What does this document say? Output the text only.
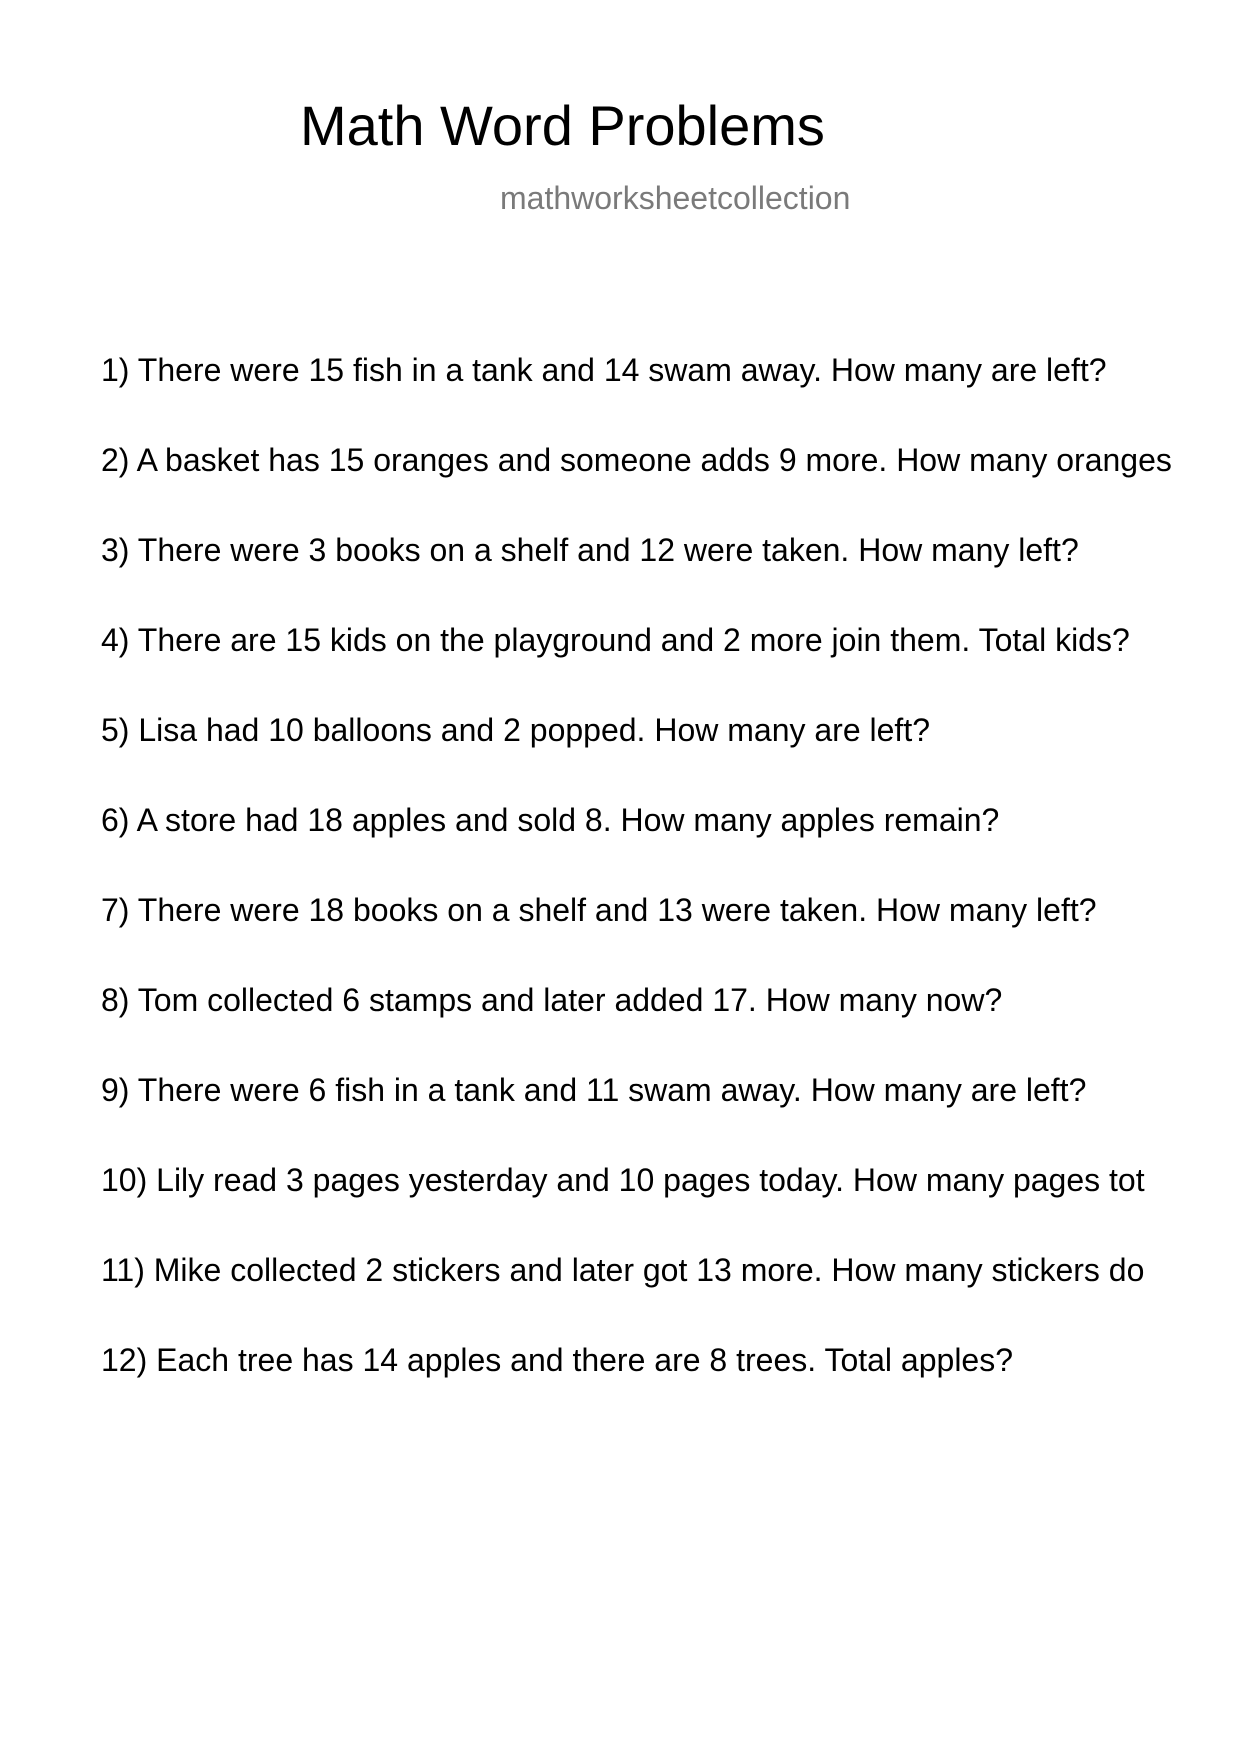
Math Word Problems
mathworksheetcollection
1) There were 15 fish in a tank and 14 swam away. How many are left?
2) A basket has 15 oranges and someone adds 9 more. How many oranges
3) There were 3 books on a shelf and 12 were taken. How many left?
4) There are 15 kids on the playground and 2 more join them. Total kids?
5) Lisa had 10 balloons and 2 popped. How many are left?
6) A store had 18 apples and sold 8. How many apples remain?
7) There were 18 books on a shelf and 13 were taken. How many left?
8) Tom collected 6 stamps and later added 17. How many now?
9) There were 6 fish in a tank and 11 swam away. How many are left?
10) Lily read 3 pages yesterday and 10 pages today. How many pages tot
11) Mike collected 2 stickers and later got 13 more. How many stickers do
12) Each tree has 14 apples and there are 8 trees. Total apples?
